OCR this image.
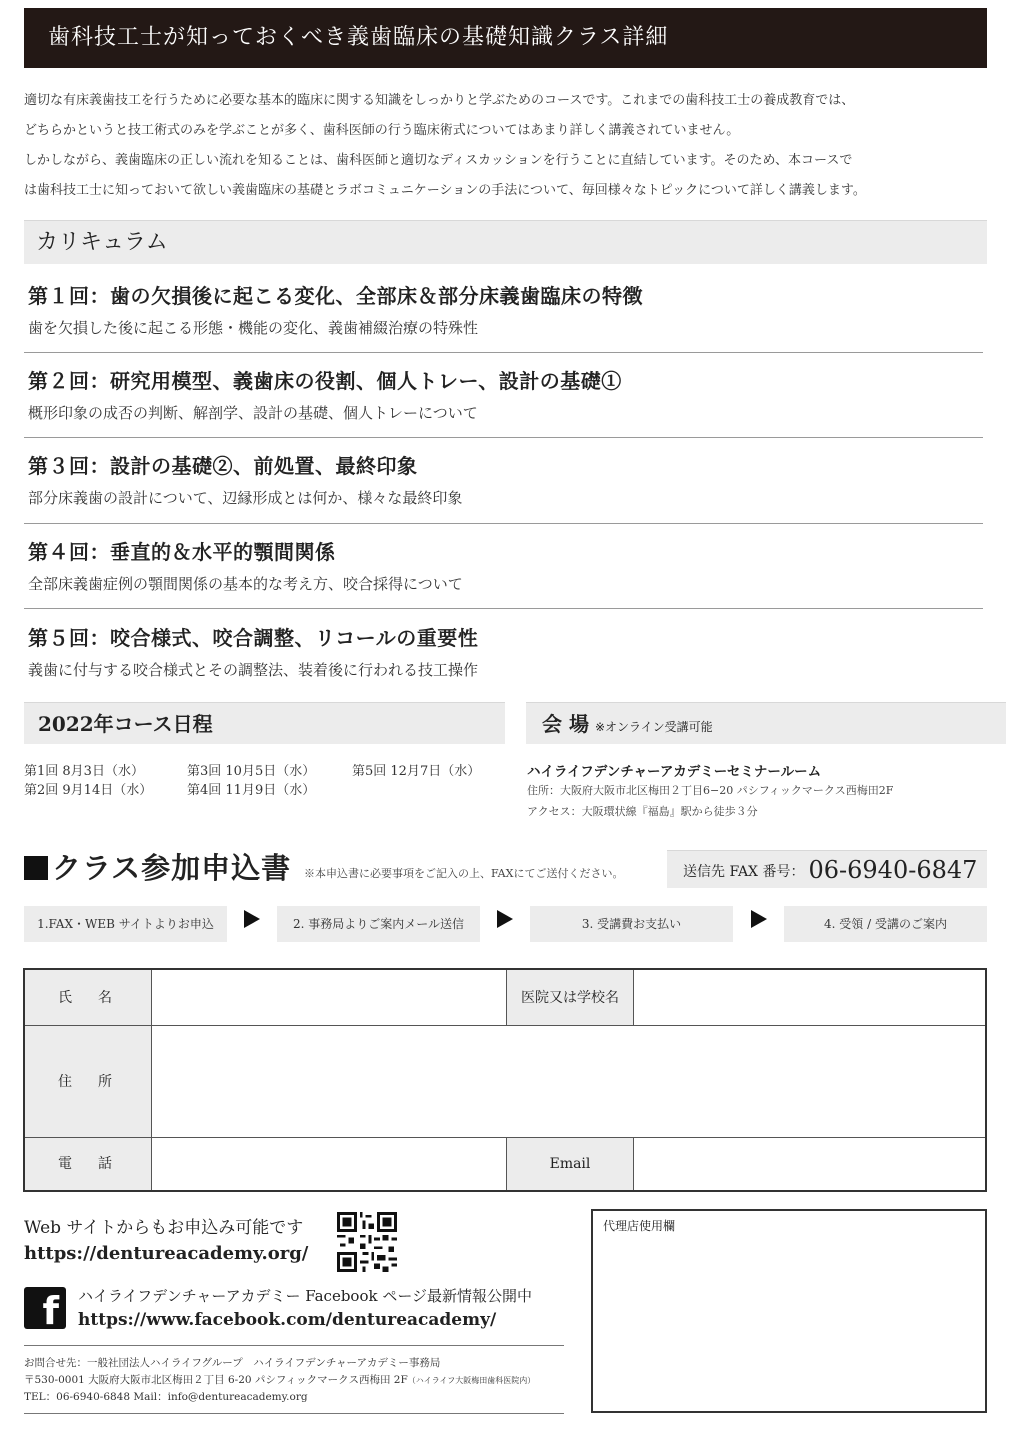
歯科技工士が知っておくべき義歯臨床の基礎知識クラス詳細

適切な有床義歯技工を行うために必要な基本的臨床に関する知識をしっかりと学ぶためのコースです。これまでの歯科技工士の養成教育では、

どちらかというと技工術式のみを学ぶことが多く、歯科医師の行う臨床術式についてはあまり詳しく講義されていません。

しかしながら、義歯臨床の正しい流れを知ることは、歯科医師と適切なディスカッションを行うことに直結しています。そのため、本コースで

は歯科技工士に知っておいて欲しい義歯臨床の基礎とラボコミュニケーションの手法について、毎回様々なトピックについて詳しく講義します。

カリキュラム
第１回：歯の欠損後に起こる変化、全部床＆部分床義歯臨床の特徴
歯を欠損した後に起こる形態・機能の変化、義歯補綴治療の特殊性
第２回：研究用模型、義歯床の役割、個人トレー、設計の基礎①
概形印象の成否の判断、解剖学、設計の基礎、個人トレーについて
第３回：設計の基礎②、前処置、最終印象
部分床義歯の設計について、辺縁形成とは何か、様々な最終印象
第４回：垂直的＆水平的顎間関係
全部床義歯症例の顎間関係の基本的な考え方、咬合採得について
第５回：咬合様式、咬合調整、リコールの重要性
義歯に付与する咬合様式とその調整法、装着後に行われる技工操作
2022年コース日程
第1回 8月3日（水）
第2回 9月14日（水）
第3回 10月5日（水）
第4回 11月9日（水）
第5回 12月7日（水）
会 場 ※オンライン受講可能
ハイライフデンチャーアカデミーセミナールーム
住所：大阪府大阪市北区梅田２丁目6−20 パシフィックマークス西梅田2F
アクセス：大阪環状線『福島』駅から徒歩３分
クラス参加申込書 ※本申込書に必要事項をご記入の上、FAXにてご送付ください。	送信先 FAX 番号： 06-6940-6847
1.FAX・WEB サイトよりお申込	2. 事務局よりご案内メール送信	3. 受講費お支払い	4. 受領 / 受講のご案内
氏　名	医院又は学校名
住　所
電　話	Email
Web サイトからもお申込み可能です
https://dentureacademy.org/
f	ハイライフデンチャーアカデミー Facebook ページ最新情報公開中
https://www.facebook.com/dentureacademy/
お問合せ先：一般社団法人ハイライフグループ　ハイライフデンチャーアカデミー事務局
〒530-0001 大阪府大阪市北区梅田２丁目 6-20 パシフィックマークス西梅田 2F（ハイライフ大阪梅田歯科医院内）
TEL：06-6940-6848 Mail：info@dentureacademy.org
代理店使用欄
